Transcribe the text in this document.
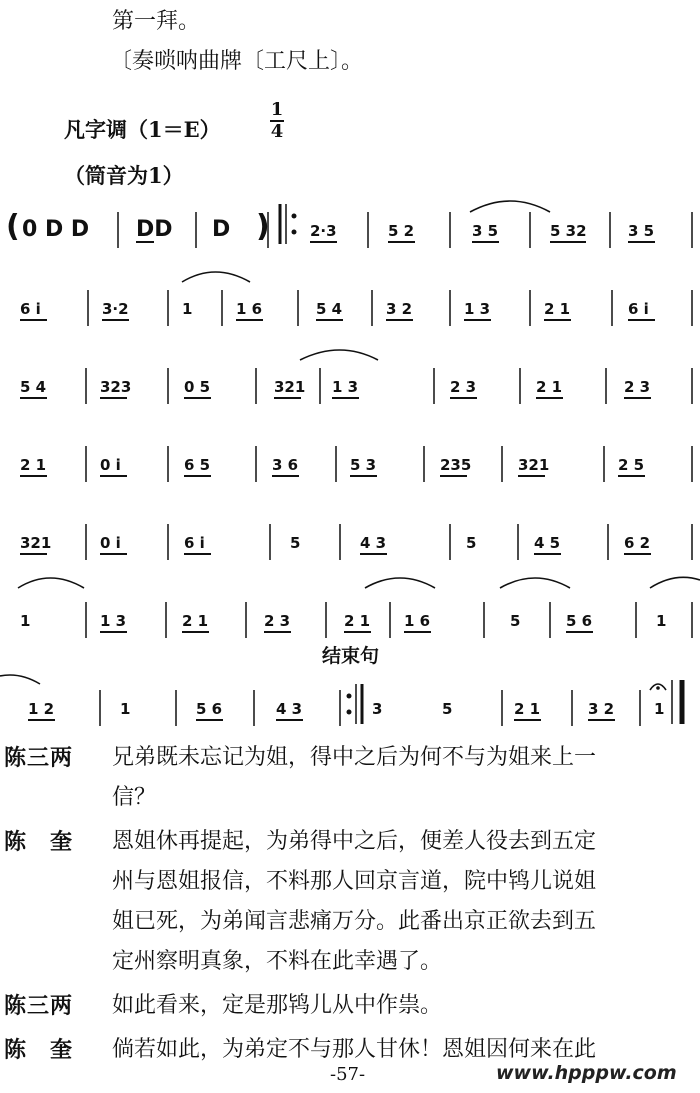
第一拜。
〔奏唢呐曲牌〔工尺上〕。
凡字调（1＝E）
1
4
（筒音为1）
0 D D DD D	2·3	5 2	3 5	5 32	3 5
6 i	3·2	1	1 6	5 4	3 2	1 3	2 1	6 i
5 4	323	0 5	321 1 3	2 3	2 1	2 3
2 1	0 i	6 5	3 6	5 3	235	321	2 5
321	0 i	6 i	5	4 3	5	4 5	6 2
1	1 3	2 1	2 3	2 1 1 6	5	5 6	1
1 2	1	5 6	4 3	3	5	2 1	3 2	1
(	)
结束句
陈三两	兄弟既未忘记为姐，得中之后为何不与为姐来上一
信？
陈　奎	恩姐休再提起，为弟得中之后，便差人役去到五定
州与恩姐报信，不料那人回京言道，院中鸨儿说姐
姐已死，为弟闻言悲痛万分。此番出京正欲去到五
定州察明真象，不料在此幸遇了。
陈三两	如此看来，定是那鸨儿从中作祟。
陈　奎	倘若如此，为弟定不与那人甘休！恩姐因何来在此
-57-	www.hpppw.com
